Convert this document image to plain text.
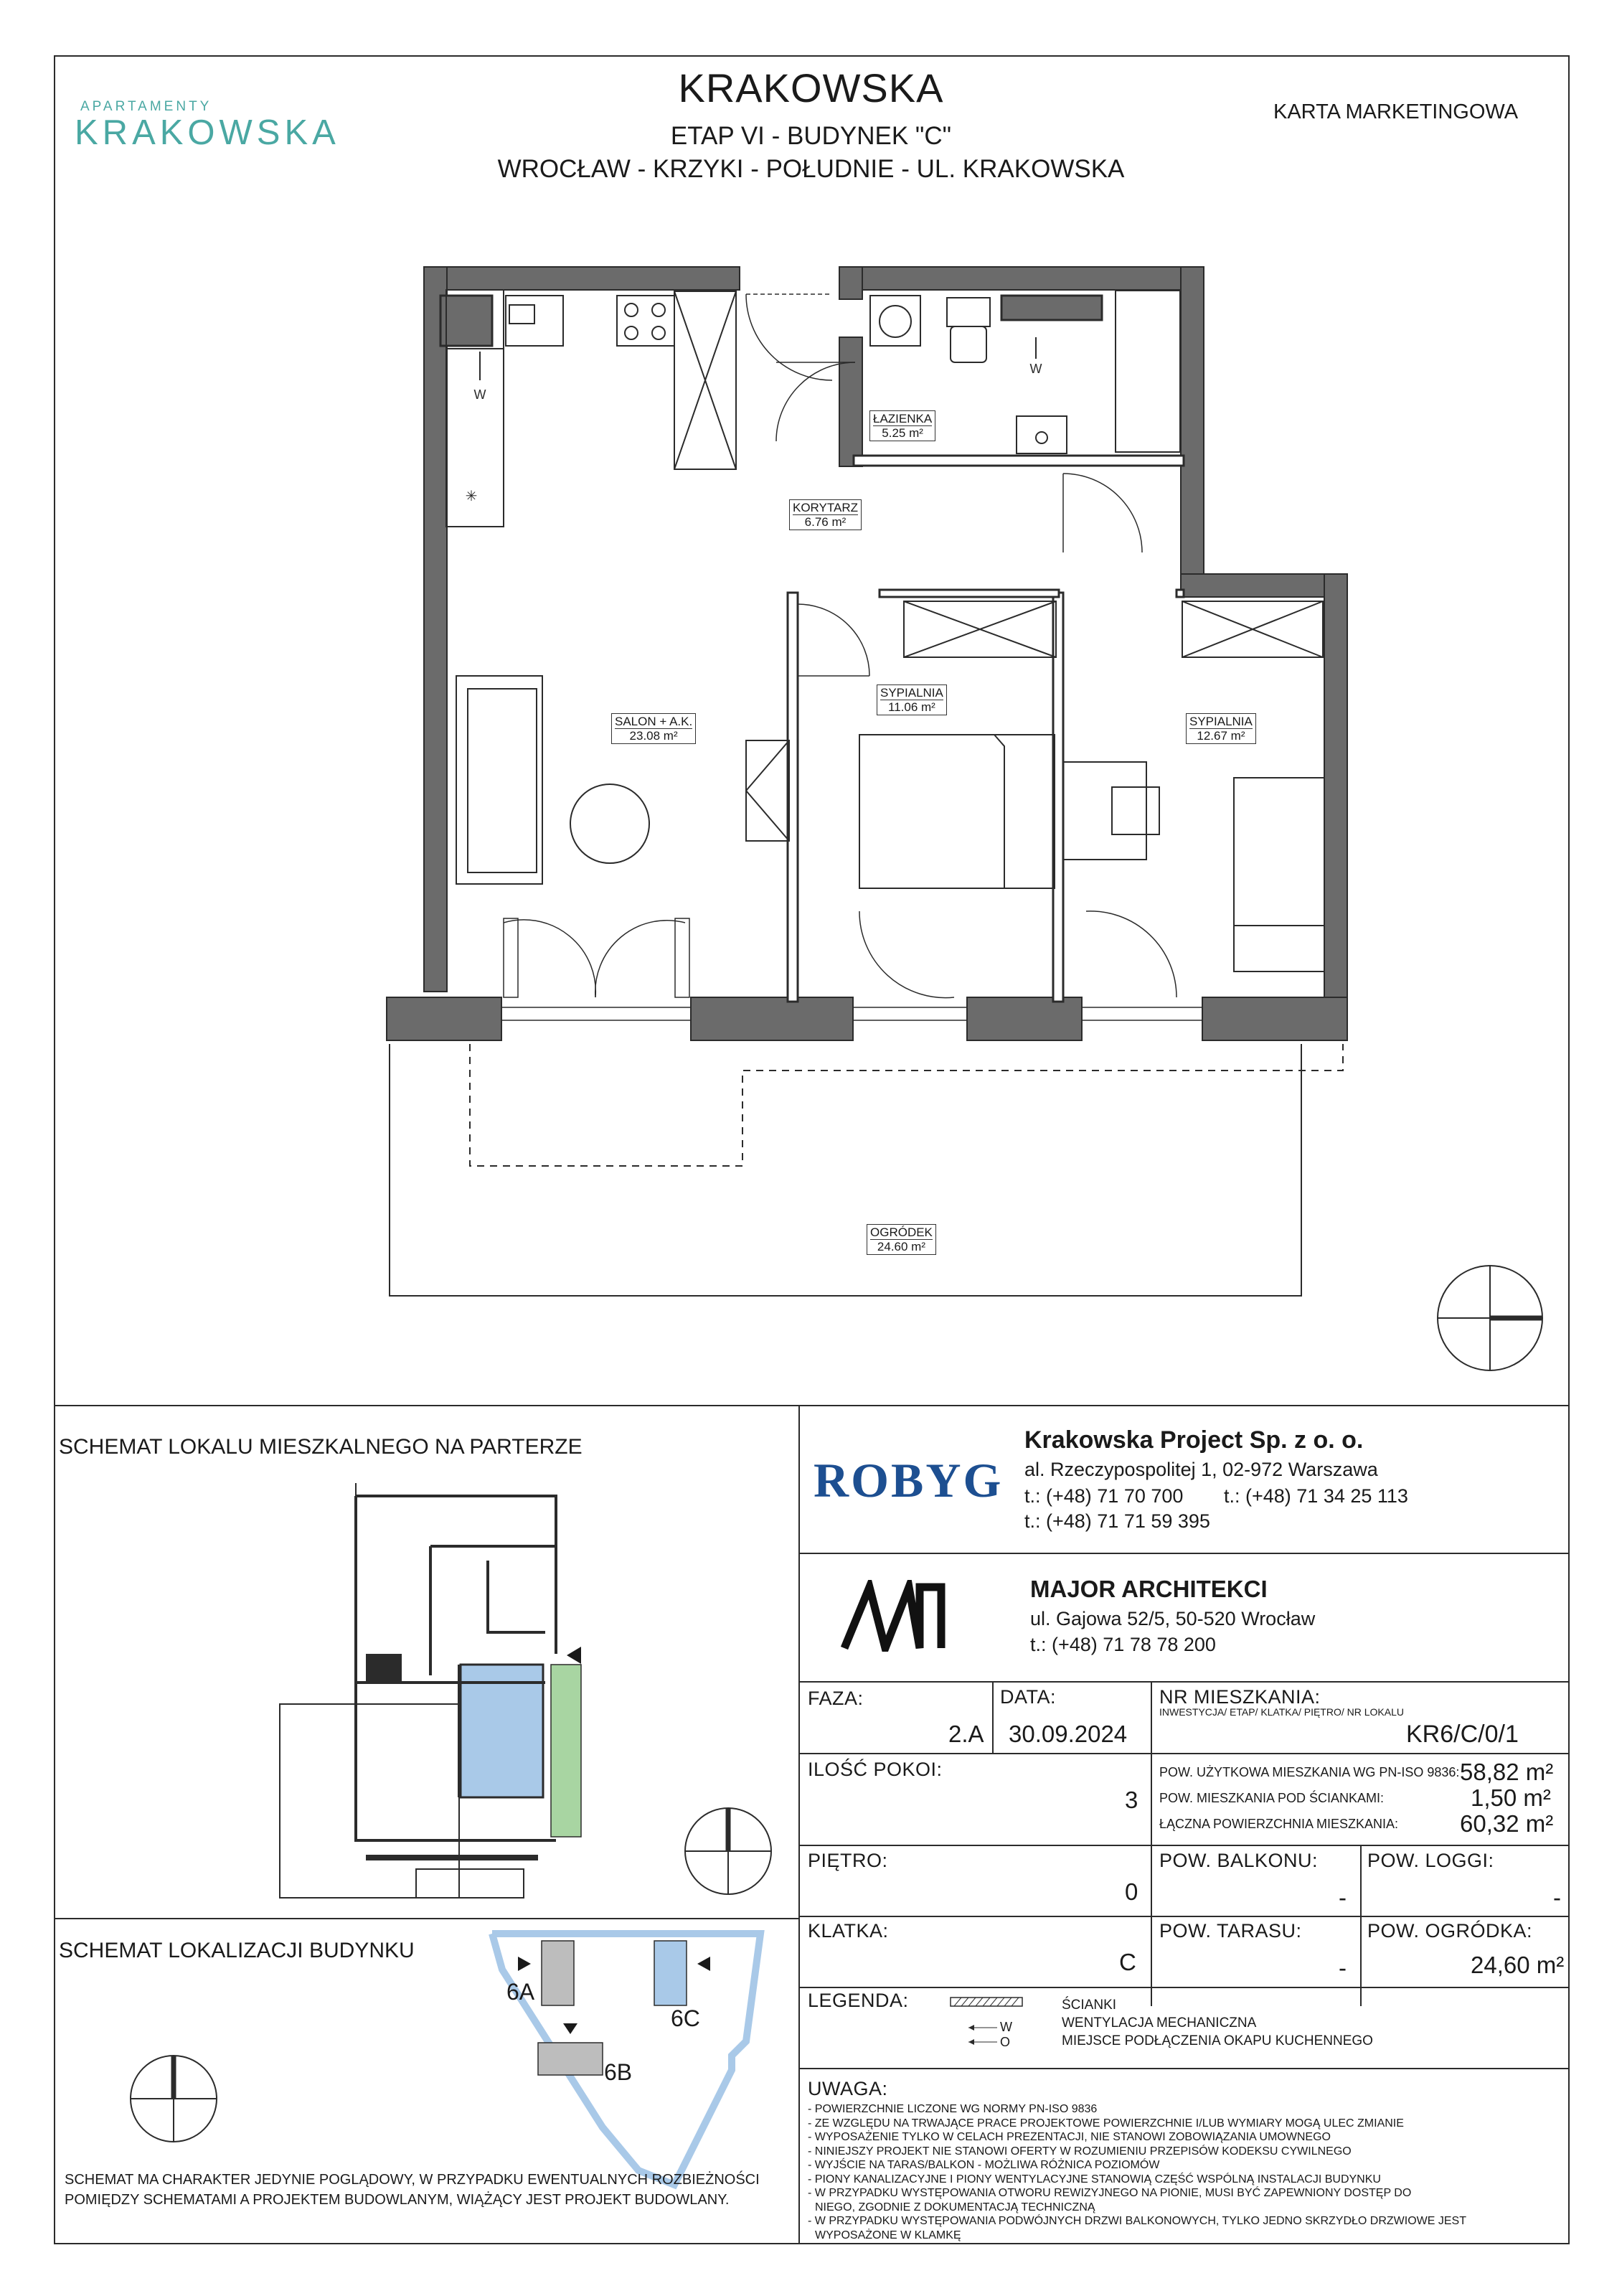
APARTAMENTY
KRAKOWSKA
KRAKOWSKA
ETAP VI - BUDYNEK "C"
WROCŁAW - KRZYKI - POŁUDNIE - UL. KRAKOWSKA
KARTA MARKETINGOWA
✳
W
W
ŁAZIENKA
5.25 m²
KORYTARZ
6.76 m²
SALON + A.K.
23.08 m²
SYPIALNIA
11.06 m²
SYPIALNIA
12.67 m²
OGRÓDEK
24.60 m²
SCHEMAT LOKALU MIESZKALNEGO NA PARTERZE
SCHEMAT LOKALIZACJI BUDYNKU
6A
6B
6C
SCHEMAT MA CHARAKTER JEDYNIE POGLĄDOWY, W PRZYPADKU EWENTUALNYCH ROZBIEŻNOŚCI
POMIĘDZY SCHEMATAMI A PROJEKTEM BUDOWLANYM, WIĄŻĄCY JEST PROJEKT BUDOWLANY.
ROBYG
Krakowska Project Sp. z o. o.
al. Rzeczypospolitej 1, 02-972 Warszawa
t.: (+48) 71 70 700 t.: (+48) 71 34 25 113
t.: (+48) 71 71 59 395
MAJOR ARCHITEKCI
ul. Gajowa 52/5, 50-520 Wrocław
t.: (+48) 71 78 78 200
FAZA:
2.A
DATA:
30.09.2024
NR MIESZKANIA:
INWESTYCJA/ ETAP/ KLATKA/ PIĘTRO/ NR LOKALU
KR6/C/0/1
ILOŚĆ POKOI:
3
POW. UŻYTKOWA MIESZKANIA WG PN-ISO 9836: 58,82 m²
POW. MIESZKANIA POD ŚCIANKAMI:	1,50 m²
ŁĄCZNA POWIERZCHNIA MIESZKANIA:	60,32 m²
PIĘTRO:
0
POW. BALKONU:
-
POW. LOGGI:
-
KLATKA:
C
POW. TARASU:
-
POW. OGRÓDKA:
24,60 m²
LEGENDA:
W
O
ŚCIANKI
WENTYLACJA MECHANICZNA
MIEJSCE PODŁĄCZENIA OKAPU KUCHENNEGO
UWAGA:
- POWIERZCHNIE LICZONE WG NORMY PN-ISO 9836
- ZE WZGLĘDU NA TRWAJĄCE PRACE PROJEKTOWE POWIERZCHNIE I/LUB WYMIARY MOGĄ ULEC ZMIANIE
- WYPOSAŻENIE TYLKO W CELACH PREZENTACJI, NIE STANOWI ZOBOWIĄZANIA UMOWNEGO
- NINIEJSZY PROJEKT NIE STANOWI OFERTY W ROZUMIENIU PRZEPISÓW KODEKSU CYWILNEGO
- WYJŚCIE NA TARAS/BALKON - MOŻLIWA RÓŻNICA POZIOMÓW
- PIONY KANALIZACYJNE I PIONY WENTYLACYJNE STANOWIĄ CZĘŚĆ WSPÓLNĄ INSTALACJI BUDYNKU
- W PRZYPADKU WYSTĘPOWANIA OTWORU REWIZYJNEGO NA PIONIE, MUSI BYĆ ZAPEWNIONY DOSTĘP DO
NIEGO, ZGODNIE Z DOKUMENTACJĄ TECHNICZNĄ
- W PRZYPADKU WYSTĘPOWANIA PODWÓJNYCH DRZWI BALKONOWYCH, TYLKO JEDNO SKRZYDŁO DRZWIOWE JEST
WYPOSAŻONE W KLAMKĘ
